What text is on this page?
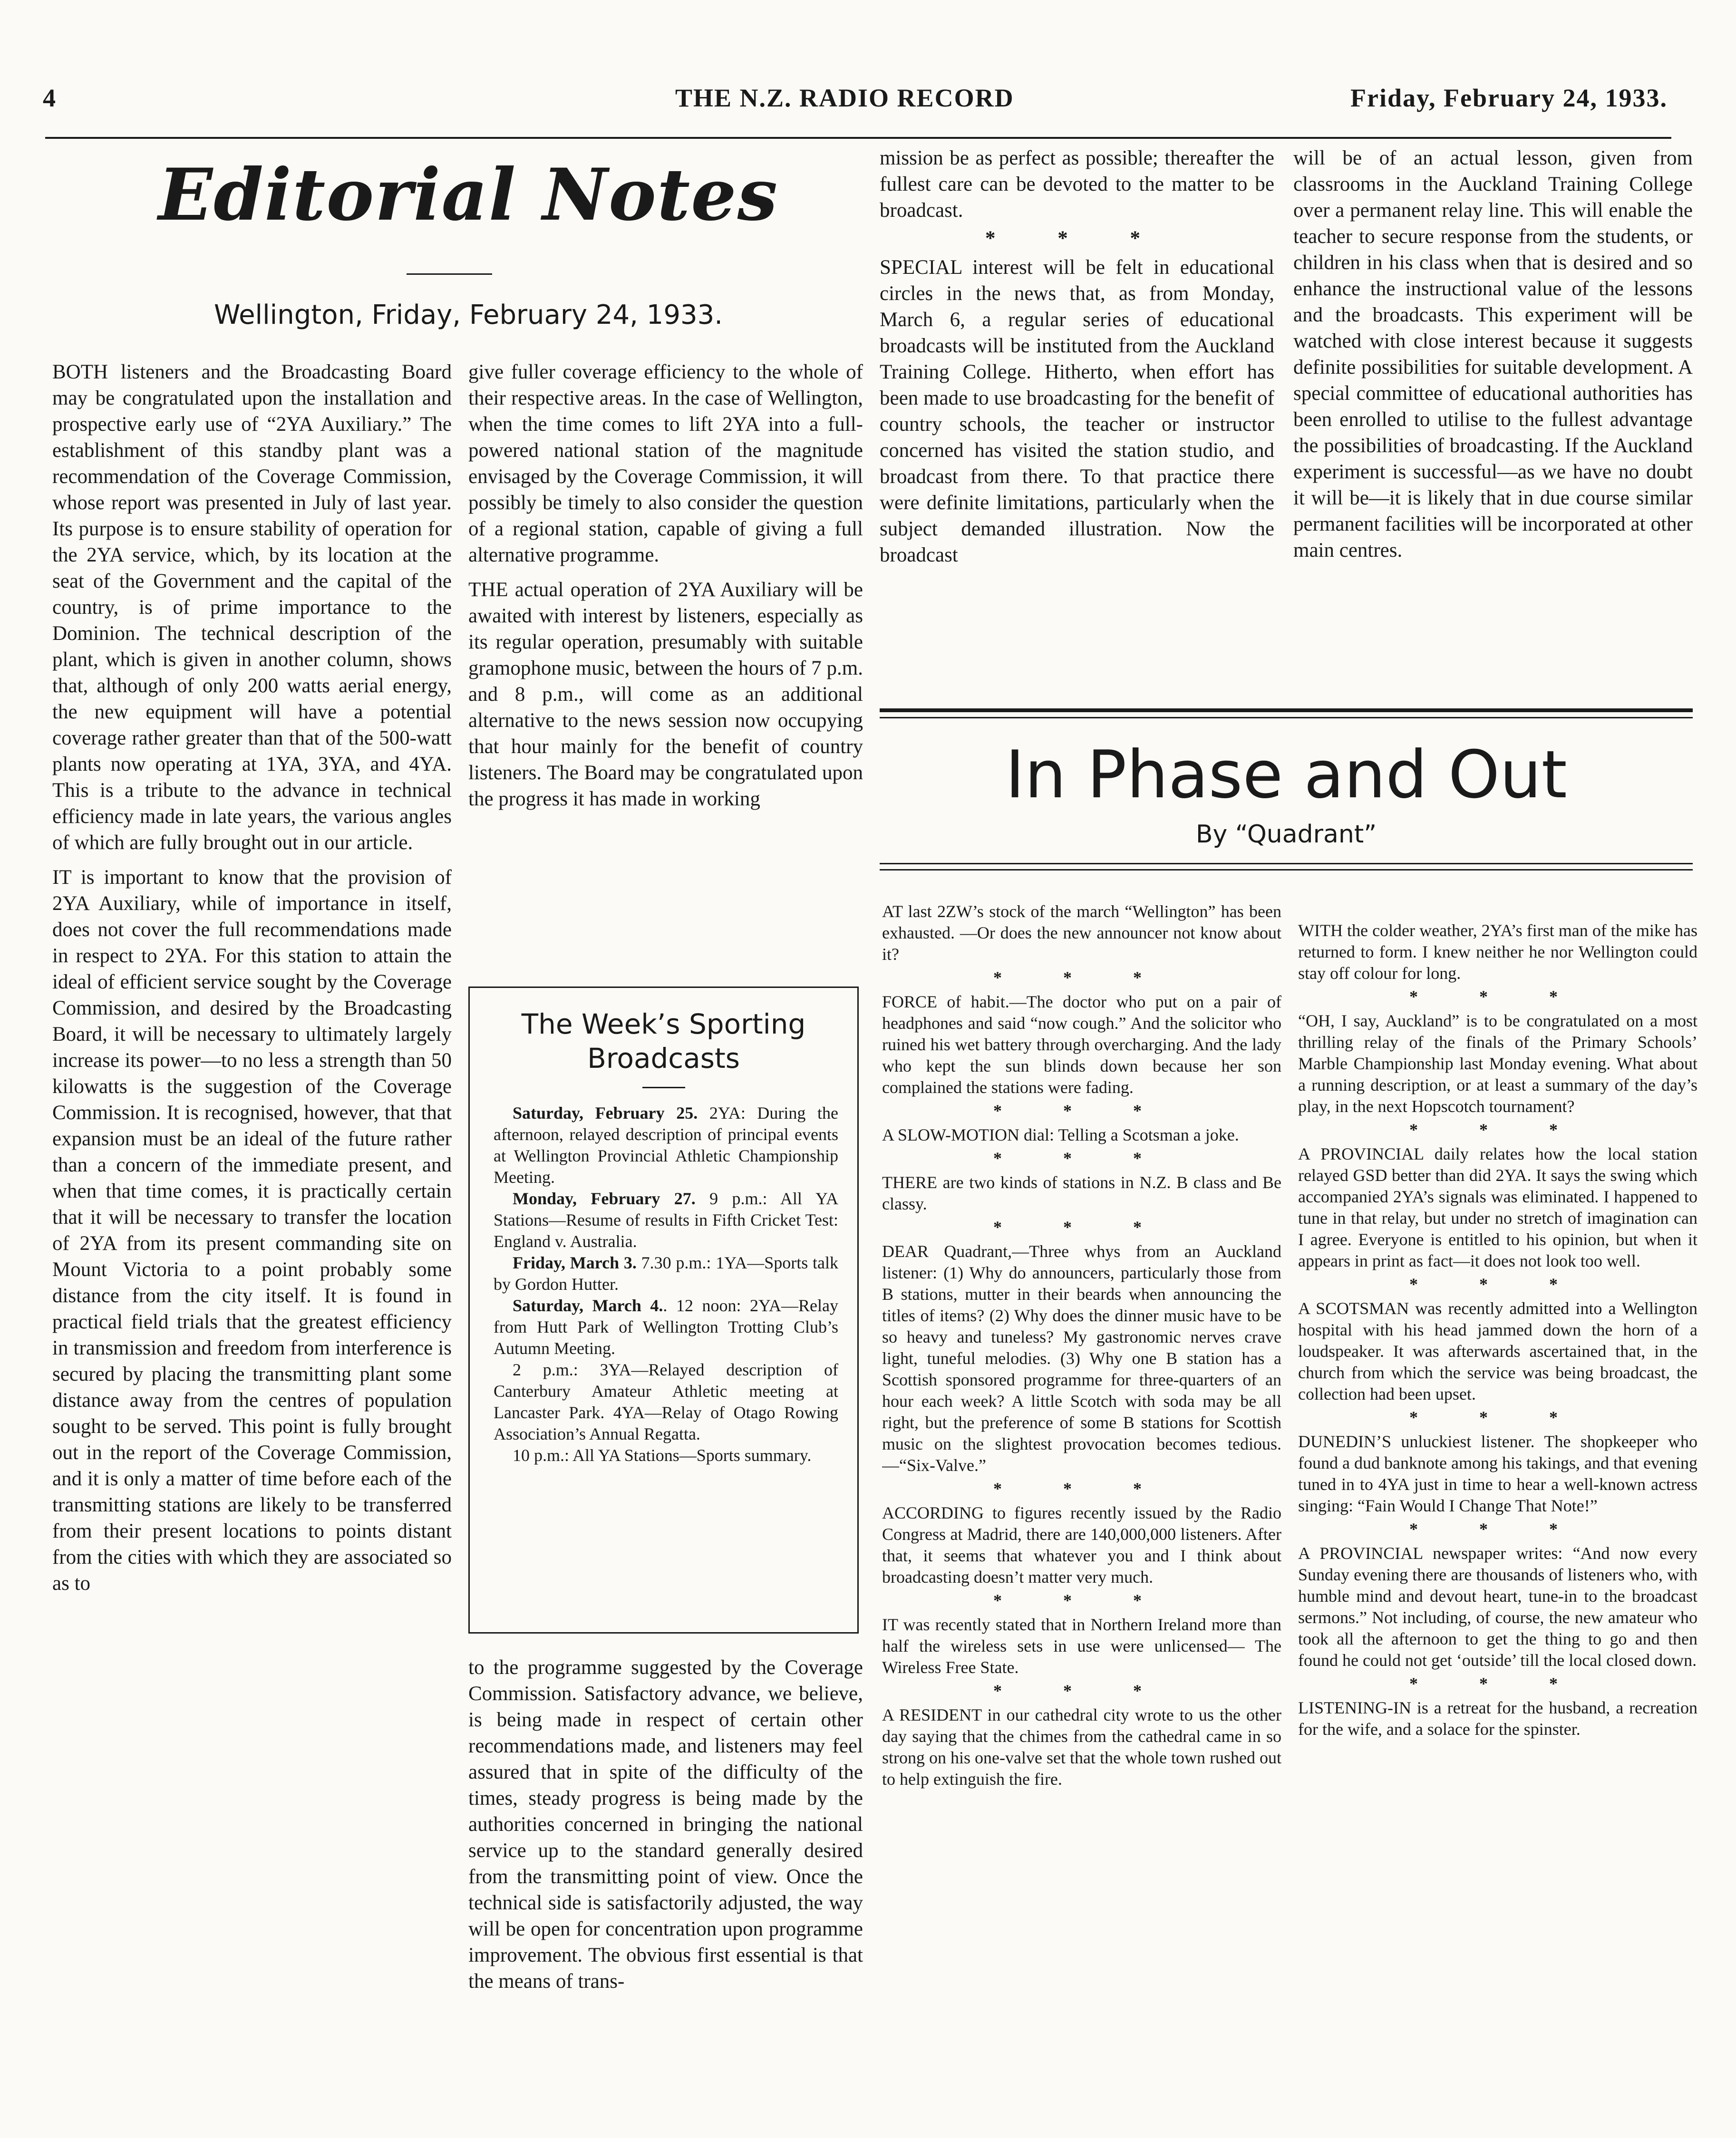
4	THE N.Z. RADIO RECORD	Friday, February 24, 1933.
Editorial Notes
Wellington, Friday, February 24, 1933.

BOTH listeners and the Broadcasting Board may be congratulated upon the installation and prospective early use of “2YA Auxiliary.” The establishment of this standby plant was a recommendation of the Coverage Commission, whose report was presented in July of last year. Its purpose is to ensure stability of operation for the 2YA service, which, by its location at the seat of the Government and the capital of the country, is of prime importance to the Dominion. The technical description of the plant, which is given in another column, shows that, although of only 200 watts aerial energy, the new equipment will have a potential coverage rather greater than that of the 500-watt plants now operating at 1YA, 3YA, and 4YA. This is a tribute to the advance in technical efficiency made in late years, the various angles of which are fully brought out in our article.

IT is important to know that the provision of 2YA Auxiliary, while of importance in itself, does not cover the full recommendations made in respect to 2YA. For this station to attain the ideal of efficient service sought by the Coverage Commission, and desired by the Broadcasting Board, it will be necessary to ultimately largely increase its power—to no less a strength than 50 kilowatts is the suggestion of the Coverage Commission. It is recognised, however, that that expansion must be an ideal of the future rather than a concern of the immediate present, and when that time comes, it is practically certain that it will be necessary to transfer the location of 2YA from its present commanding site on Mount Victoria to a point probably some distance from the city itself. It is found in practical field trials that the greatest efficiency in transmission and freedom from interference is secured by placing the transmitting plant some distance away from the centres of population sought to be served. This point is fully brought out in the report of the Coverage Commission, and it is only a matter of time before each of the transmitting stations are likely to be transferred from their present locations to points distant from the cities with which they are associated so as to

give fuller coverage efficiency to the whole of their respective areas. In the case of Wellington, when the time comes to lift 2YA into a full-powered national station of the magnitude envisaged by the Coverage Commission, it will possibly be timely to also consider the question of a regional station, capable of giving a full alternative programme.

THE actual operation of 2YA Auxiliary will be awaited with interest by listeners, especially as its regular operation, presumably with suitable gramophone music, between the hours of 7 p.m. and 8 p.m., will come as an additional alternative to the news session now occupying that hour mainly for the benefit of country listeners. The Board may be congratulated upon the progress it has made in working

The Week’s Sporting
Broadcasts

Saturday, February 25. 2YA: During the afternoon, relayed description of principal events at Wellington Provincial Athletic Championship Meeting.

Monday, February 27. 9 p.m.: All YA Stations—Resume of results in Fifth Cricket Test: England v. Australia.

Friday, March 3. 7.30 p.m.: 1YA—Sports talk by Gordon Hutter.

Saturday, March 4.. 12 noon: 2YA—Relay from Hutt Park of Wellington Trotting Club’s Autumn Meeting.

2 p.m.: 3YA—Relayed description of Canterbury Amateur Athletic meeting at Lancaster Park. 4YA—Relay of Otago Rowing Association’s Annual Regatta.

10 p.m.: All YA Stations—Sports summary.

to the programme suggested by the Coverage Commission. Satisfactory advance, we believe, is being made in respect of certain other recommendations made, and listeners may feel assured that in spite of the difficulty of the times, steady progress is being made by the authorities concerned in bringing the national service up to the standard generally desired from the transmitting point of view. Once the technical side is satisfactorily adjusted, the way will be open for concentration upon programme improvement. The obvious first essential is that the means of trans-

mission be as perfect as possible; thereafter the fullest care can be devoted to the matter to be broadcast.

* * *

SPECIAL interest will be felt in educational circles in the news that, as from Monday, March 6, a regular series of educational broadcasts will be instituted from the Auckland Training College. Hitherto, when effort has been made to use broadcasting for the benefit of country schools, the teacher or instructor concerned has visited the station studio, and broadcast from there. To that practice there were definite limitations, particularly when the subject demanded illustration. Now the broadcast

will be of an actual lesson, given from classrooms in the Auckland Training College over a permanent relay line. This will enable the teacher to secure response from the students, or children in his class when that is desired and so enhance the instructional value of the lessons and the broadcasts. This experiment will be watched with close interest because it suggests definite possibilities for suitable development. A special committee of educational authorities has been enrolled to utilise to the fullest advantage the possibilities of broadcasting. If the Auckland experiment is successful—as we have no doubt it will be—it is likely that in due course similar permanent facilities will be incorporated at other main centres.

In Phase and Out
By “Quadrant”

AT last 2ZW’s stock of the march “Wellington” has been exhausted. —Or does the new announcer not know about it?

* * *

FORCE of habit.—The doctor who put on a pair of headphones and said “now cough.” And the solicitor who ruined his wet battery through overcharging. And the lady who kept the sun blinds down because her son complained the stations were fading.

* * *

A SLOW-MOTION dial: Telling a Scotsman a joke.

* * *

THERE are two kinds of stations in N.Z. B class and Be classy.

* * *

DEAR Quadrant,—Three whys from an Auckland listener: (1) Why do announcers, particularly those from B stations, mutter in their beards when announcing the titles of items? (2) Why does the dinner music have to be so heavy and tuneless? My gastronomic nerves crave light, tuneful melodies. (3) Why one B station has a Scottish sponsored programme for three-quarters of an hour each week? A little Scotch with soda may be all right, but the preference of some B stations for Scottish music on the slightest provocation becomes tedious. —“Six-Valve.”

* * *

ACCORDING to figures recently issued by the Radio Congress at Madrid, there are 140,000,000 listeners. After that, it seems that whatever you and I think about broadcasting doesn’t matter very much.

* * *

IT was recently stated that in Northern Ireland more than half the wireless sets in use were unlicensed— The Wireless Free State.

* * *

A RESIDENT in our cathedral city wrote to us the other day saying that the chimes from the cathedral came in so strong on his one-valve set that the whole town rushed out to help extinguish the fire.

WITH the colder weather, 2YA’s first man of the mike has returned to form. I knew neither he nor Wellington could stay off colour for long.

* * *

“OH, I say, Auckland” is to be congratulated on a most thrilling relay of the finals of the Primary Schools’ Marble Championship last Monday evening. What about a running description, or at least a summary of the day’s play, in the next Hopscotch tournament?

* * *

A PROVINCIAL daily relates how the local station relayed GSD better than did 2YA. It says the swing which accompanied 2YA’s signals was eliminated. I happened to tune in that relay, but under no stretch of imagination can I agree. Everyone is entitled to his opinion, but when it appears in print as fact—it does not look too well.

* * *

A SCOTSMAN was recently admitted into a Wellington hospital with his head jammed down the horn of a loudspeaker. It was afterwards ascertained that, in the church from which the service was being broadcast, the collection had been upset.

* * *

DUNEDIN’S unluckiest listener. The shopkeeper who found a dud banknote among his takings, and that evening tuned in to 4YA just in time to hear a well-known actress singing: “Fain Would I Change That Note!”

* * *

A PROVINCIAL newspaper writes: “And now every Sunday evening there are thousands of listeners who, with humble mind and devout heart, tune-in to the broadcast sermons.” Not including, of course, the new amateur who took all the afternoon to get the thing to go and then found he could not get ‘outside’ till the local closed down.

* * *

LISTENING-IN is a retreat for the husband, a recreation for the wife, and a solace for the spinster.
